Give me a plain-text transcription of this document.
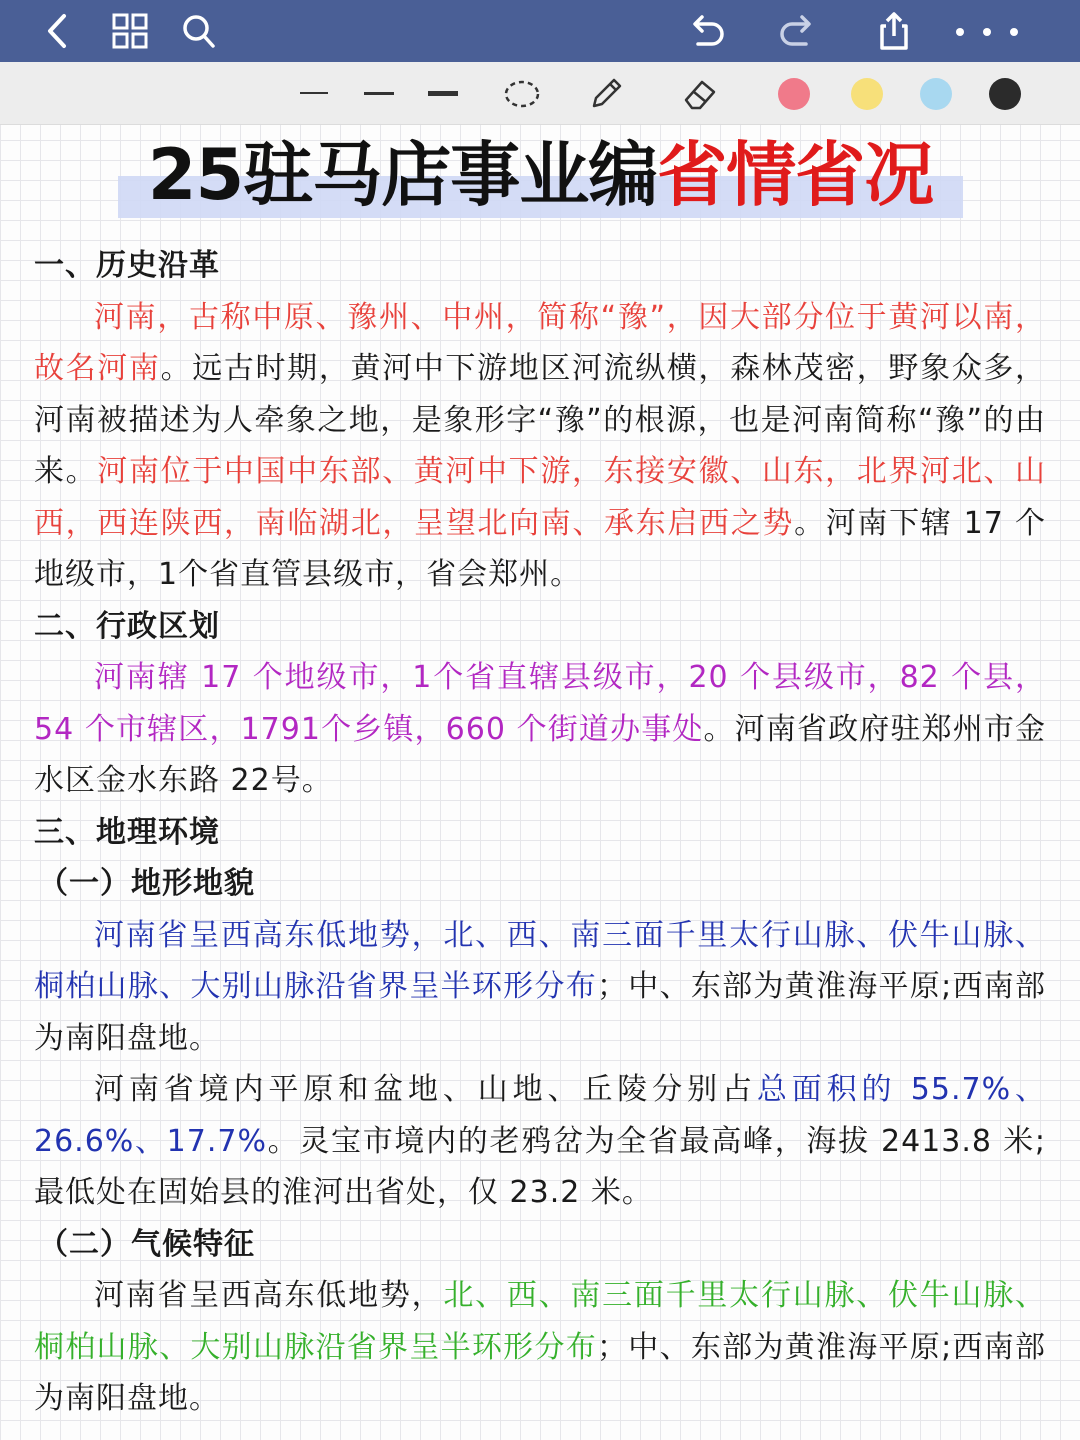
25驻马店事业编省情省况
一、历史沿革

河南，古称中原、豫州、中州，简称“豫”，因大部分位于黄河以南，故名河南。远古时期，黄河中下游地区河流纵横，森林茂密，野象众多，河南被描述为人牵象之地，是象形字“豫”的根源，也是河南简称“豫”的由来。河南位于中国中东部、黄河中下游，东接安徽、山东，北界河北、山西，西连陕西，南临湖北，呈望北向南、承东启西之势。河南下辖 17 个地级市，1个省直管县级市，省会郑州。

二、行政区划

河南辖 17 个地级市，1个省直辖县级市，20 个县级市，82 个县，54 个市辖区，1791个乡镇，660 个街道办事处。河南省政府驻郑州市金水区金水东路 22号。

三、地理环境
（一）地形地貌

河南省呈西高东低地势，北、西、南三面千里太行山脉、伏牛山脉、桐柏山脉、大别山脉沿省界呈半环形分布；中、东部为黄淮海平原;西南部为南阳盘地。

河南省境内平原和盆地、山地、丘陵分别占总面积的 55.7%、26.6%、17.7%。灵宝市境内的老鸦岔为全省最高峰，海拔 2413.8 米;最低处在固始县的淮河出省处，仅 23.2 米。

（二）气候特征

河南省呈西高东低地势，北、西、南三面千里太行山脉、伏牛山脉、桐柏山脉、大别山脉沿省界呈半环形分布；中、东部为黄淮海平原;西南部为南阳盘地。
